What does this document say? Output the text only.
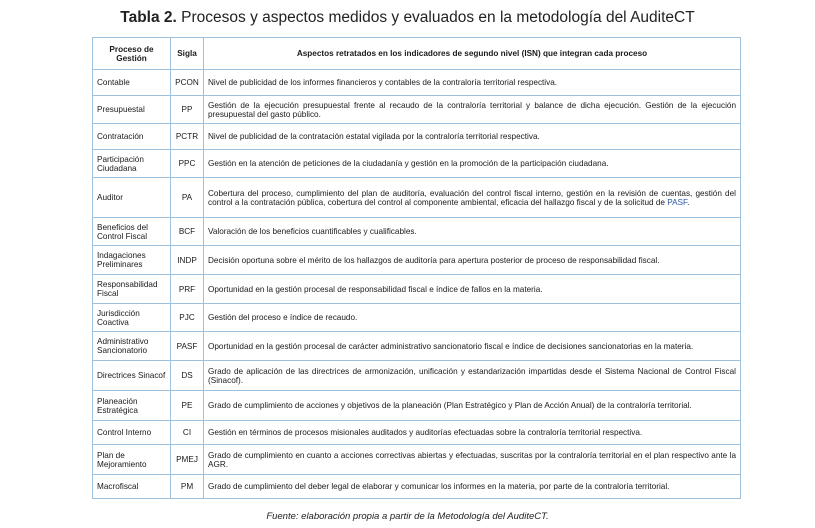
Tabla 2. Procesos y aspectos medidos y evaluados en la metodología del AuditeCT
Proceso de Gestión	Sigla	Aspectos retratados en los indicadores de segundo nivel (ISN) que integran cada proceso
Contable	PCON	Nivel de publicidad de los informes financieros y contables de la contraloría territorial respectiva.
Presupuestal	PP	Gestión de la ejecución presupuestal frente al recaudo de la contraloría territorial y balance de dicha ejecución. Gestión de la ejecución presupuestal del gasto público.
Contratación	PCTR	Nivel de publicidad de la contratación estatal vigilada por la contraloría territorial respectiva.
Participación Ciudadana	PPC	Gestión en la atención de peticiones de la ciudadanía y gestión en la promoción de la participación ciudadana.
Auditor	PA	Cobertura del proceso, cumplimiento del plan de auditoría, evaluación del control fiscal interno, gestión en la revisión de cuentas, gestión del control a la contratación pública, cobertura del control al componente ambiental, eficacia del hallazgo fiscal y de la solicitud de PASF.
Beneficios del Control Fiscal	BCF	Valoración de los beneficios cuantificables y cualificables.
Indagaciones Preliminares	INDP	Decisión oportuna sobre el mérito de los hallazgos de auditoría para apertura posterior de proceso de responsabilidad fiscal.
Responsabilidad Fiscal	PRF	Oportunidad en la gestión procesal de responsabilidad fiscal e índice de fallos en la materia.
Jurisdicción Coactiva	PJC	Gestión del proceso e índice de recaudo.
Administrativo Sancionatorio	PASF	Oportunidad en la gestión procesal de carácter administrativo sancionatorio fiscal e índice de decisiones sancionatorias en la materia.
Directrices Sinacof	DS	Grado de aplicación de las directrices de armonización, unificación y estandarización impartidas desde el Sistema Nacional de Control Fiscal (Sinacof).
Planeación Estratégica	PE	Grado de cumplimiento de acciones y objetivos de la planeación (Plan Estratégico y Plan de Acción Anual) de la contraloría territorial.
Control Interno	CI	Gestión en términos de procesos misionales auditados y auditorías efectuadas sobre la contraloría territorial respectiva.
Plan de Mejoramiento	PMEJ	Grado de cumplimiento en cuanto a acciones correctivas abiertas y efectuadas, suscritas por la contraloría territorial en el plan respectivo ante la AGR.
Macrofiscal	PM	Grado de cumplimiento del deber legal de elaborar y comunicar los informes en la materia, por parte de la contraloría territorial.
Fuente: elaboración propia a partir de la Metodología del AuditeCT.
